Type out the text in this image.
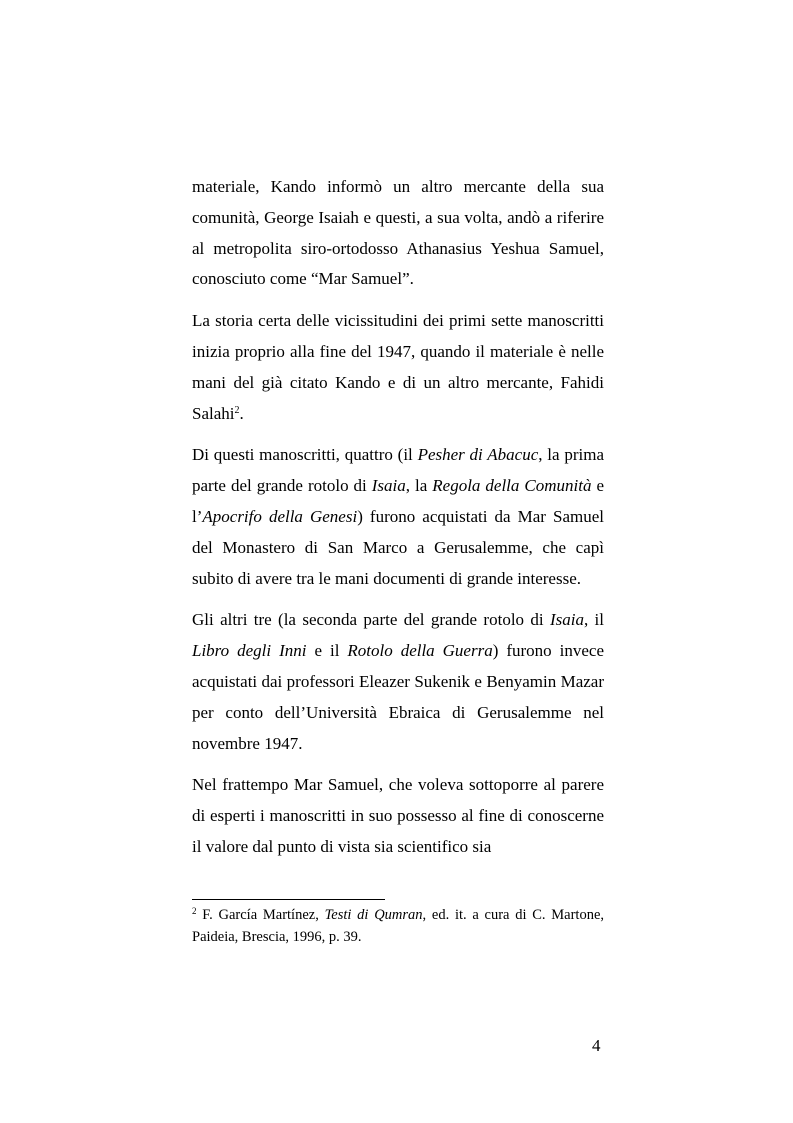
materiale, Kando informò un altro mercante della sua comunità, George Isaiah e questi, a sua volta, andò a riferire al metropolita siro-ortodosso Athanasius Yeshua Samuel, conosciuto come “Mar Samuel”.

La storia certa delle vicissitudini dei primi sette manoscritti inizia proprio alla fine del 1947, quando il materiale è nelle mani del già citato Kando e di un altro mercante, Fahidi Salahi$^2$.

Di questi manoscritti, quattro (il Pesher di Abacuc, la prima parte del grande rotolo di Isaia, la Regola della Comunità e l’Apocrifo della Genesi) furono acquistati da Mar Samuel del Monastero di San Marco a Gerusalemme, che capì subito di avere tra le mani documenti di grande interesse.

Gli altri tre (la seconda parte del grande rotolo di Isaia, il Libro degli Inni e il Rotolo della Guerra) furono invece acquistati dai professori Eleazer Sukenik e Benyamin Mazar per conto dell’Università Ebraica di Gerusalemme nel novembre 1947.

Nel frattempo Mar Samuel, che voleva sottoporre al parere di esperti i manoscritti in suo possesso al fine di conoscerne il valore dal punto di vista sia scientifico sia

$^2$ F. García Martínez, Testi di Qumran, ed. it. a cura di C. Martone, Paideia, Brescia, 1996, p. 39.

4
